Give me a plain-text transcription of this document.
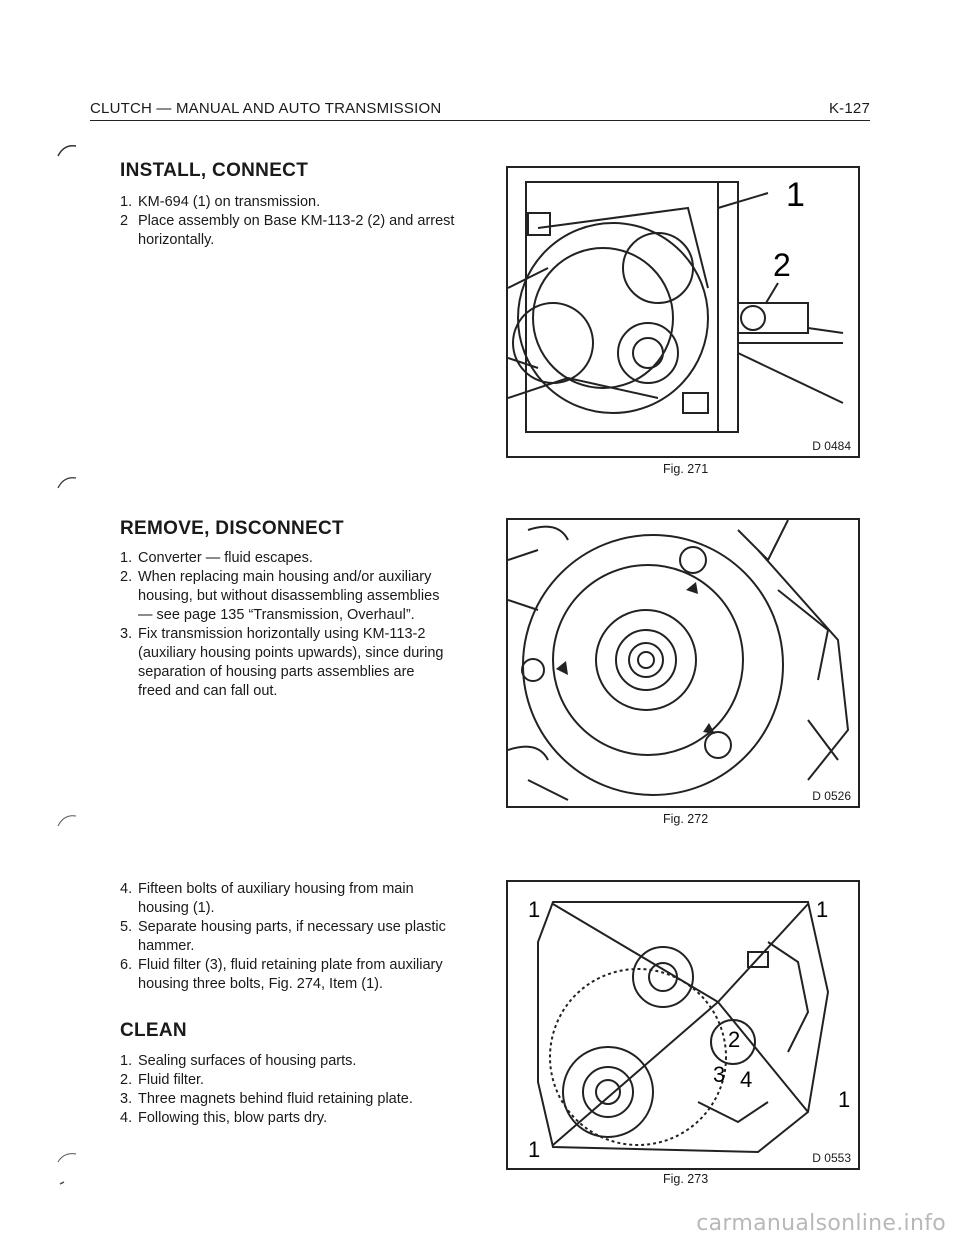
CLUTCH — MANUAL AND AUTO TRANSMISSION	K-127
INSTALL, CONNECT
1. KM-694 (1) on transmission.
2 Place assembly on Base KM-113-2 (2) and arrest horizontally.
REMOVE, DISCONNECT
1. Converter — fluid escapes.
2. When replacing main housing and/or auxiliary housing, but without disassembling assemblies — see page 135 “Transmission, Overhaul”.
3. Fix transmission horizontally using KM-113-2 (auxiliary housing points upwards), since during separation of housing parts assemblies are freed and can fall out.
4. Fifteen bolts of auxiliary housing from main housing (1).
5. Separate housing parts, if necessary use plastic hammer.
6. Fluid filter (3), fluid retaining plate from auxiliary housing three bolts, Fig. 274, Item (1).
CLEAN
1. Sealing surfaces of housing parts.
2. Fluid filter.
3. Three magnets behind fluid retaining plate.
4. Following this, blow parts dry.
1
2
D 0484
Fig. 271
D 0526
Fig. 272
1	1
1
1
2
3 4
D 0553
Fig. 273
carmanualsonline.info
